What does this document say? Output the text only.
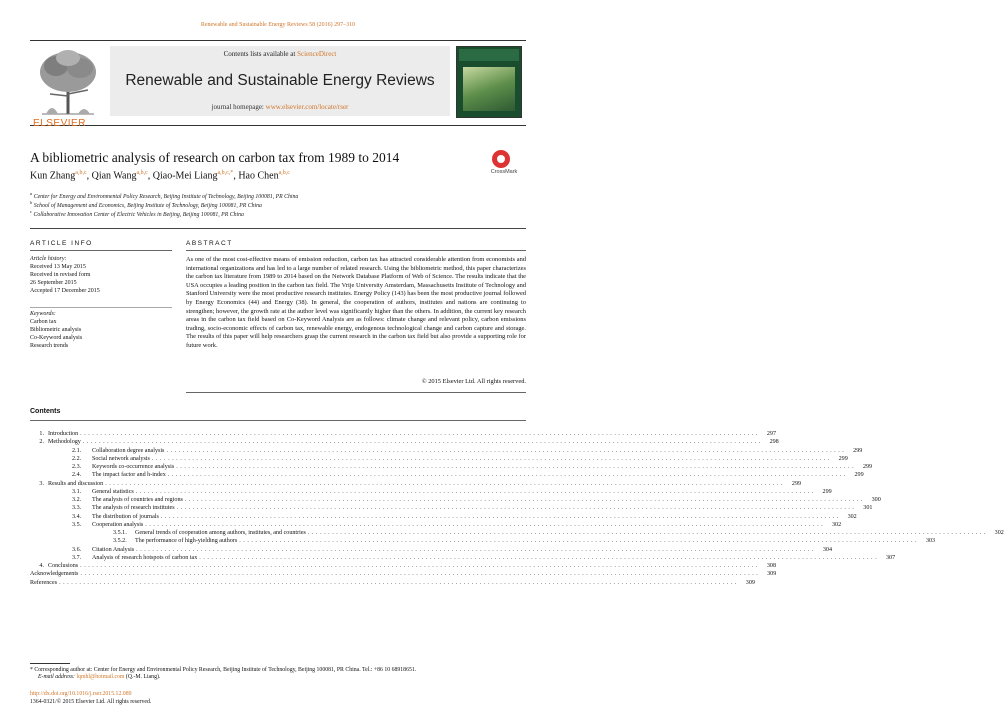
Renewable and Sustainable Energy Reviews 58 (2016) 297–310
ELSEVIER
Contents lists available at ScienceDirect
Renewable and Sustainable Energy Reviews
journal homepage: www.elsevier.com/locate/rser
A bibliometric analysis of research on carbon tax from 1989 to 2014
CrossMark
Kun Zhang$^{a,b,c}$, Qian Wang$^{a,b,c}$, Qiao-Mei Liang$^{a,b,c,*}$, Hao Chen$^{a,b,c}$
$^a$ Center for Energy and Environmental Policy Research, Beijing Institute of Technology, Beijing 100081, PR China
$^b$ School of Management and Economics, Beijing Institute of Technology, Beijing 100081, PR China
$^c$ Collaborative Innovation Center of Electric Vehicles in Beijing, Beijing 100081, PR China
ARTICLE INFO	ABSTRACT
Article history:
Received 13 May 2015
Received in revised form
26 September 2015
Accepted 17 December 2015
Keywords:
Carbon tax
Bibliometric analysis
Co-Keyword analysis
Research trends
As one of the most cost-effective means of emission reduction, carbon tax has attracted considerable attention from economists and international organizations and has led to a large number of related research. Using the bibliometric method, this paper characterizes the carbon tax literature from 1989 to 2014 based on the Network Database Platform of Web of Science. The results indicate that the USA occupies a leading position in the carbon tax field. The Vrije University Amsterdam, Massachusetts Institute of Technology and Stanford University were the most productive research institutes. Energy Policy (143) has been the most productive journal followed by Energy Economics (44) and Energy (38). In general, the cooperation of authors, institutes and nations are continuing to strengthen; however, the growth rate at the author level was significantly higher than the others. In addition, the current key research areas in the carbon tax field based on Co-Keyword Analysis are as follows: climate change and relevant policy, carbon emissions trading, socio-economic effects of carbon tax, renewable energy, endogenous technological change and carbon capture and storage. The results of this paper will help researchers grasp the current research in the carbon tax field but also provide a supporting role for future work.
© 2015 Elsevier Ltd. All rights reserved.
Contents
1. Introduction . . . . . . . . . . . . . . . . . . . . . . . . . . . . . . . . . . . . . . . . . . . . . . . . . . . . . . . . . . . . . . . . . . . . . . . . . . . . . . . . . . . . . . . . . . . . . . . . . . . . . . . . . . . . . . . . . . . . . . . . . . . . . . . . . . . . . . . . . . . . . . . . . . . . . . . . . . . . . . . . . . . . . . . .	297
2. Methodology . . . . . . . . . . . . . . . . . . . . . . . . . . . . . . . . . . . . . . . . . . . . . . . . . . . . . . . . . . . . . . . . . . . . . . . . . . . . . . . . . . . . . . . . . . . . . . . . . . . . . . . . . . . . . . . . . . . . . . . . . . . . . . . . . . . . . . . . . . . . . . . . . . . . . . . . . . . . . . . . . . . . . . . .	298
2.1.	Collaboration degree analysis . . . . . . . . . . . . . . . . . . . . . . . . . . . . . . . . . . . . . . . . . . . . . . . . . . . . . . . . . . . . . . . . . . . . . . . . . . . . . . . . . . . . . . . . . . . . . . . . . . . . . . . . . . . . . . . . . . . . . . . . . . . . . . . . . . . . . . . . . . . . . . . . . . . . . . . . . . . . . . . . . . . . . . . .	299
2.2.	Social network analysis . . . . . . . . . . . . . . . . . . . . . . . . . . . . . . . . . . . . . . . . . . . . . . . . . . . . . . . . . . . . . . . . . . . . . . . . . . . . . . . . . . . . . . . . . . . . . . . . . . . . . . . . . . . . . . . . . . . . . . . . . . . . . . . . . . . . . . . . . . . . . . . . . . . . . . . . . . . . . . . . . . . . . . . .	299
2.3.	Keywords co-occurrence analysis . . . . . . . . . . . . . . . . . . . . . . . . . . . . . . . . . . . . . . . . . . . . . . . . . . . . . . . . . . . . . . . . . . . . . . . . . . . . . . . . . . . . . . . . . . . . . . . . . . . . . . . . . . . . . . . . . . . . . . . . . . . . . . . . . . . . . . . . . . . . . . . . . . . . . . . . . . . . . . . . . . . . . . . .	299
2.4.	The impact factor and h-index . . . . . . . . . . . . . . . . . . . . . . . . . . . . . . . . . . . . . . . . . . . . . . . . . . . . . . . . . . . . . . . . . . . . . . . . . . . . . . . . . . . . . . . . . . . . . . . . . . . . . . . . . . . . . . . . . . . . . . . . . . . . . . . . . . . . . . . . . . . . . . . . . . . . . . . . . . . . . . . . . . . . . . . .	299
3. Results and discussion . . . . . . . . . . . . . . . . . . . . . . . . . . . . . . . . . . . . . . . . . . . . . . . . . . . . . . . . . . . . . . . . . . . . . . . . . . . . . . . . . . . . . . . . . . . . . . . . . . . . . . . . . . . . . . . . . . . . . . . . . . . . . . . . . . . . . . . . . . . . . . . . . . . . . . . . . . . . . . . . . . . . . . . .	299
3.1.	General statistics . . . . . . . . . . . . . . . . . . . . . . . . . . . . . . . . . . . . . . . . . . . . . . . . . . . . . . . . . . . . . . . . . . . . . . . . . . . . . . . . . . . . . . . . . . . . . . . . . . . . . . . . . . . . . . . . . . . . . . . . . . . . . . . . . . . . . . . . . . . . . . . . . . . . . . . . . . . . . . . . . . . . . . . .	299
3.2.	The analysis of countries and regions . . . . . . . . . . . . . . . . . . . . . . . . . . . . . . . . . . . . . . . . . . . . . . . . . . . . . . . . . . . . . . . . . . . . . . . . . . . . . . . . . . . . . . . . . . . . . . . . . . . . . . . . . . . . . . . . . . . . . . . . . . . . . . . . . . . . . . . . . . . . . . . . . . . . . . . . . . . . . . . . . . . . . . . .	300
3.3.	The analysis of research institutes . . . . . . . . . . . . . . . . . . . . . . . . . . . . . . . . . . . . . . . . . . . . . . . . . . . . . . . . . . . . . . . . . . . . . . . . . . . . . . . . . . . . . . . . . . . . . . . . . . . . . . . . . . . . . . . . . . . . . . . . . . . . . . . . . . . . . . . . . . . . . . . . . . . . . . . . . . . . . . . . . . . . . . . .	301
3.4.	The distribution of journals . . . . . . . . . . . . . . . . . . . . . . . . . . . . . . . . . . . . . . . . . . . . . . . . . . . . . . . . . . . . . . . . . . . . . . . . . . . . . . . . . . . . . . . . . . . . . . . . . . . . . . . . . . . . . . . . . . . . . . . . . . . . . . . . . . . . . . . . . . . . . . . . . . . . . . . . . . . . . . . . . . . . . . . .	302
3.5.	Cooperation analysis . . . . . . . . . . . . . . . . . . . . . . . . . . . . . . . . . . . . . . . . . . . . . . . . . . . . . . . . . . . . . . . . . . . . . . . . . . . . . . . . . . . . . . . . . . . . . . . . . . . . . . . . . . . . . . . . . . . . . . . . . . . . . . . . . . . . . . . . . . . . . . . . . . . . . . . . . . . . . . . . . . . . . . . .	302
3.5.1.	General trends of cooperation among authors, institutes, and countries . . . . . . . . . . . . . . . . . . . . . . . . . . . . . . . . . . . . . . . . . . . . . . . . . . . . . . . . . . . . . . . . . . . . . . . . . . . . . . . . . . . . . . . . . . . . . . . . . . . . . . . . . . . . . . . . . . . . . . . . . . . . . . . . . . . . . . . . . . . . . . . . . . . . . . . . . . . . . . . . . . . . . . . .	302
3.5.2.	The performance of high-yielding authors . . . . . . . . . . . . . . . . . . . . . . . . . . . . . . . . . . . . . . . . . . . . . . . . . . . . . . . . . . . . . . . . . . . . . . . . . . . . . . . . . . . . . . . . . . . . . . . . . . . . . . . . . . . . . . . . . . . . . . . . . . . . . . . . . . . . . . . . . . . . . . . . . . . . . . . . . . . . . . . . . . . . . . . .	303
3.6.	Citation Analysis . . . . . . . . . . . . . . . . . . . . . . . . . . . . . . . . . . . . . . . . . . . . . . . . . . . . . . . . . . . . . . . . . . . . . . . . . . . . . . . . . . . . . . . . . . . . . . . . . . . . . . . . . . . . . . . . . . . . . . . . . . . . . . . . . . . . . . . . . . . . . . . . . . . . . . . . . . . . . . . . . . . . . . . .	304
3.7.	Analysis of research hotspots of carbon tax . . . . . . . . . . . . . . . . . . . . . . . . . . . . . . . . . . . . . . . . . . . . . . . . . . . . . . . . . . . . . . . . . . . . . . . . . . . . . . . . . . . . . . . . . . . . . . . . . . . . . . . . . . . . . . . . . . . . . . . . . . . . . . . . . . . . . . . . . . . . . . . . . . . . . . . . . . . . . . . . . . . . . . . .	307
4. Conclusions . . . . . . . . . . . . . . . . . . . . . . . . . . . . . . . . . . . . . . . . . . . . . . . . . . . . . . . . . . . . . . . . . . . . . . . . . . . . . . . . . . . . . . . . . . . . . . . . . . . . . . . . . . . . . . . . . . . . . . . . . . . . . . . . . . . . . . . . . . . . . . . . . . . . . . . . . . . . . . . . . . . . . . . .	308
Acknowledgements . . . . . . . . . . . . . . . . . . . . . . . . . . . . . . . . . . . . . . . . . . . . . . . . . . . . . . . . . . . . . . . . . . . . . . . . . . . . . . . . . . . . . . . . . . . . . . . . . . . . . . . . . . . . . . . . . . . . . . . . . . . . . . . . . . . . . . . . . . . . . . . . . . . . . . . . . . . . . . . . . . . . . . . .	309
References . . . . . . . . . . . . . . . . . . . . . . . . . . . . . . . . . . . . . . . . . . . . . . . . . . . . . . . . . . . . . . . . . . . . . . . . . . . . . . . . . . . . . . . . . . . . . . . . . . . . . . . . . . . . . . . . . . . . . . . . . . . . . . . . . . . . . . . . . . . . . . . . . . . . . . . . . . . . . . . . . . . . . . . .	309
* Corresponding author at: Center for Energy and Environmental Policy Research, Beijing Institute of Technology, Beijing 100081, PR China. Tel.: +86 10 68918651.
E-mail address: lqmhl@hotmail.com (Q.-M. Liang).
http://dx.doi.org/10.1016/j.rser.2015.12.089
1364-0321/© 2015 Elsevier Ltd. All rights reserved.
